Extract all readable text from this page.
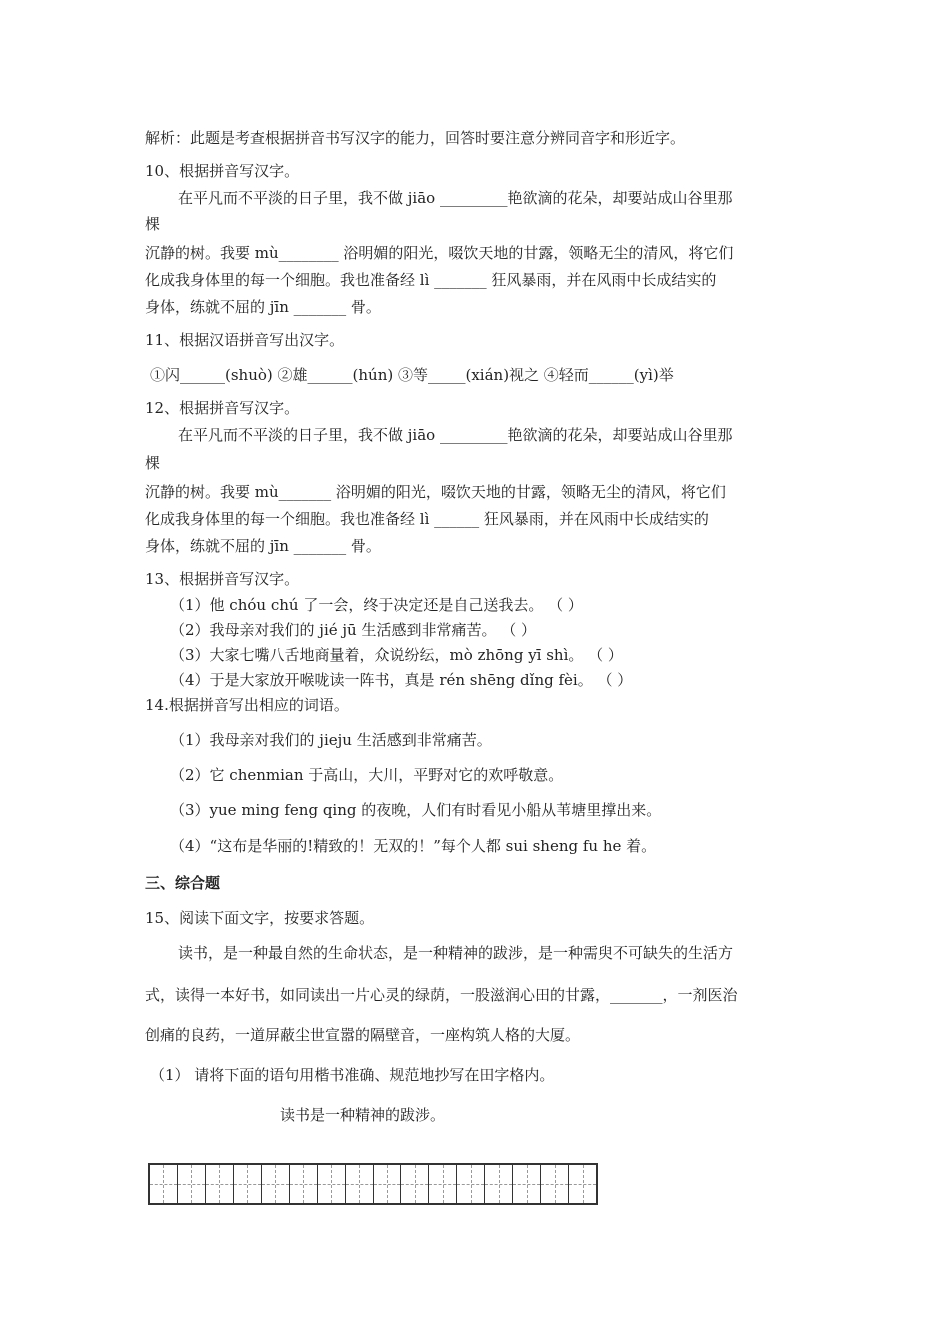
解析：此题是考查根据拼音书写汉字的能力，回答时要注意分辨同音字和形近字。
10、根据拼音写汉字。
在平凡而不平淡的日子里，我不做 jiāo _________艳欲滴的花朵，却要站成山谷里那
棵
沉静的树。我要 mù________ 浴明媚的阳光，啜饮天地的甘露，领略无尘的清风，将它们
化成我身体里的每一个细胞。我也准备经 lì _______ 狂风暴雨，并在风雨中长成结实的
身体，练就不屈的 jīn _______ 骨。
11、根据汉语拼音写出汉字。
①闪______(shuò) ②雄______(hún) ③等_____(xián)视之 ④轻而______(yì)举
12、根据拼音写汉字。
在平凡而不平淡的日子里，我不做 jiāo _________艳欲滴的花朵，却要站成山谷里那
棵
沉静的树。我要 mù_______ 浴明媚的阳光，啜饮天地的甘露，领略无尘的清风，将它们
化成我身体里的每一个细胞。我也准备经 lì ______ 狂风暴雨，并在风雨中长成结实的
身体，练就不屈的 jīn _______ 骨。
13、根据拼音写汉字。
（1）他 chóu chú 了一会，终于决定还是自己送我去。 （ ）
（2）我母亲对我们的 jié jū 生活感到非常痛苦。 （ ）
（3）大家七嘴八舌地商量着，众说纷纭，mò zhōng yī shì。 （ ）
（4）于是大家放开喉咙读一阵书，真是 rén shēng dǐng fèi。 （ ）
14.根据拼音写出相应的词语。
（1）我母亲对我们的 jieju 生活感到非常痛苦。
（2）它 chenmian 于高山，大川，平野对它的欢呼敬意。
（3）yue ming feng qing 的夜晚，人们有时看见小船从苇塘里撑出来。
（4）“这布是华丽的!精致的！无双的！”每个人都 sui sheng fu he 着。
三、综合题
15、阅读下面文字，按要求答题。
读书，是一种最自然的生命状态，是一种精神的跋涉，是一种需臾不可缺失的生活方
式，读得一本好书，如同读出一片心灵的绿荫，一股滋润心田的甘露，_______，一剂医治
创痛的良药，一道屏蔽尘世宣嚣的隔壁音，一座构筑人格的大厦。
（1） 请将下面的语句用楷书准确、规范地抄写在田字格内。
读书是一种精神的跋涉。
